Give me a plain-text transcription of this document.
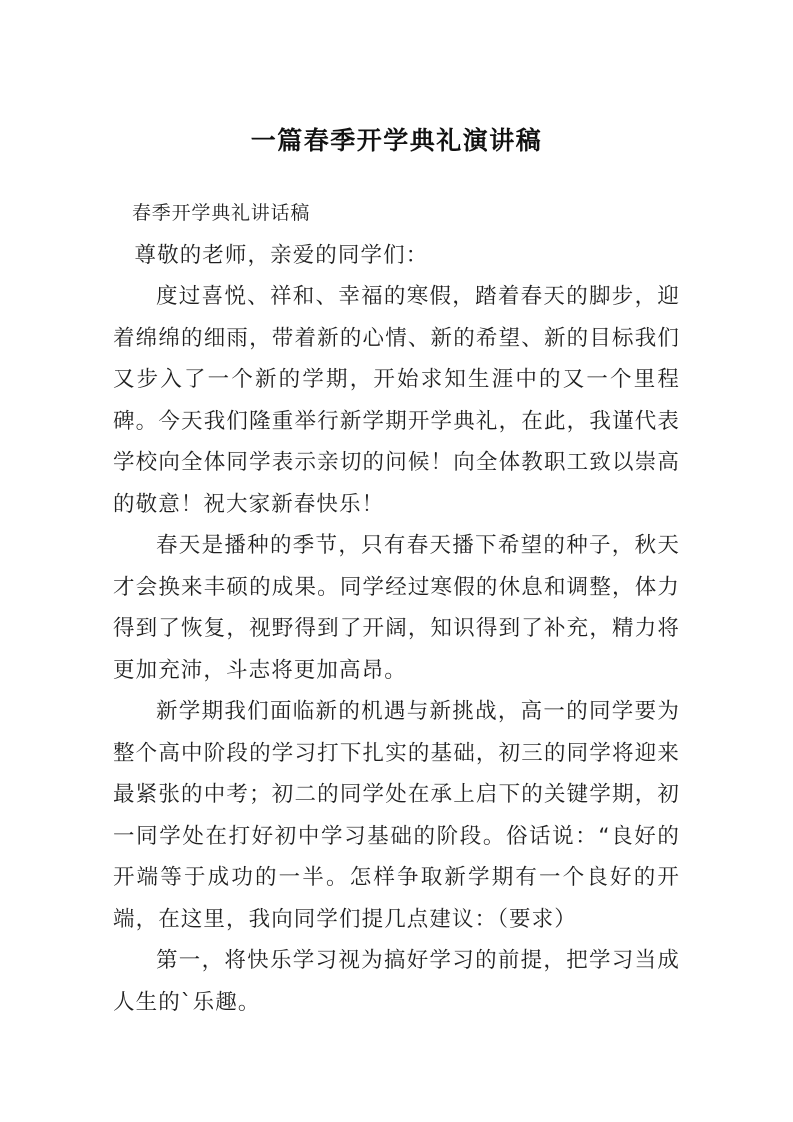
一篇春季开学典礼演讲稿

春季开学典礼讲话稿

尊敬的老师，亲爱的同学们：

度过喜悦、祥和、幸福的寒假，踏着春天的脚步，迎着绵绵的细雨，带着新的心情、新的希望、新的目标我们又步入了一个新的学期，开始求知生涯中的又一个里程碑。今天我们隆重举行新学期开学典礼，在此，我谨代表学校向全体同学表示亲切的问候！向全体教职工致以崇高的敬意！祝大家新春快乐！

春天是播种的季节，只有春天播下希望的种子，秋天才会换来丰硕的成果。同学经过寒假的休息和调整，体力得到了恢复，视野得到了开阔，知识得到了补充，精力将更加充沛，斗志将更加高昂。

新学期我们面临新的机遇与新挑战，高一的同学要为整个高中阶段的学习打下扎实的基础，初三的同学将迎来最紧张的中考；初二的同学处在承上启下的关键学期，初一同学处在打好初中学习基础的阶段。俗话说：“良好的开端等于成功的一半。怎样争取新学期有一个良好的开端，在这里，我向同学们提几点建议：（要求）

第一，将快乐学习视为搞好学习的前提，把学习当成人生的`乐趣。
